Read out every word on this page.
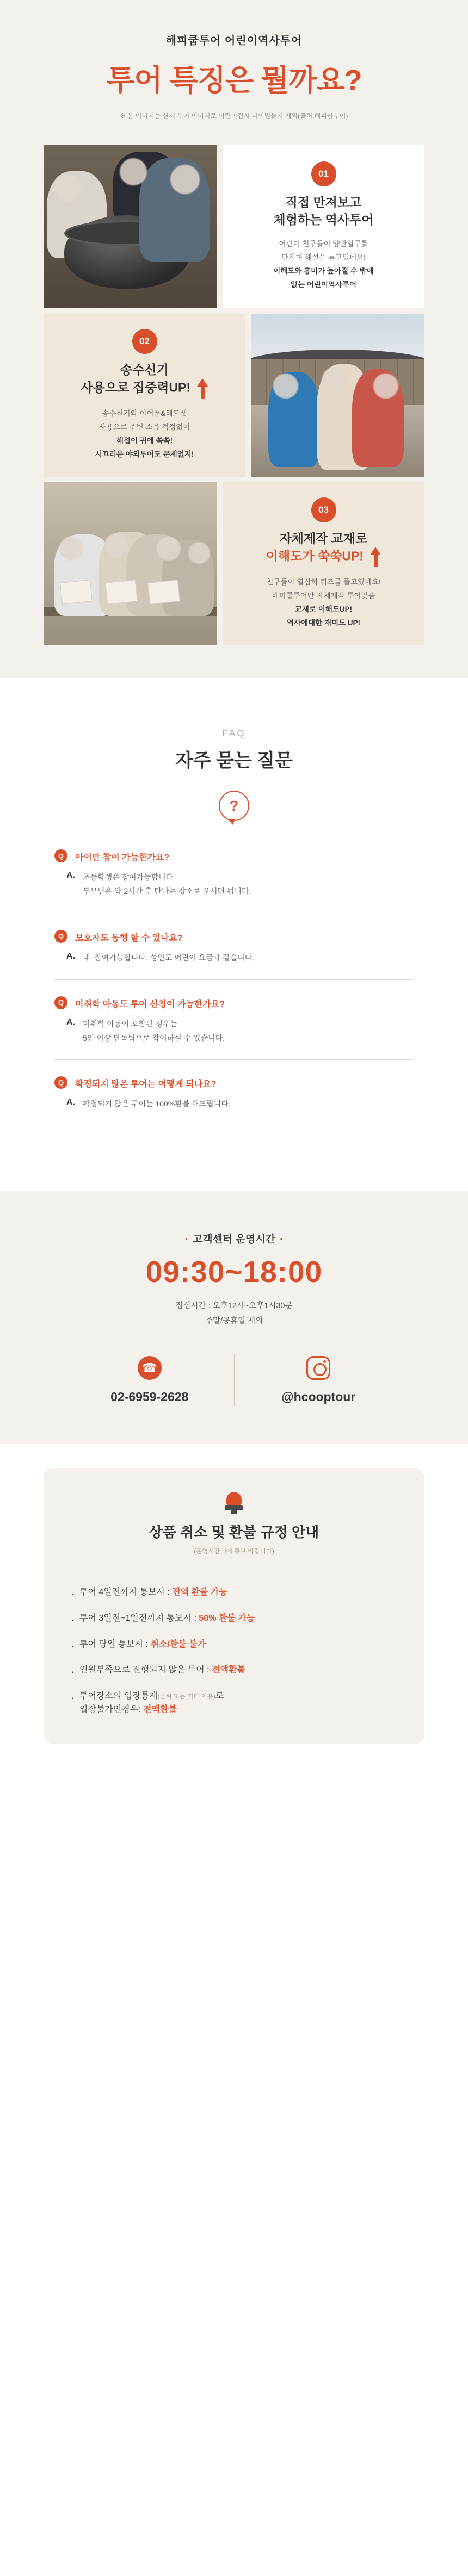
해피쿱투어 어린이역사투어
투어 특징은 뭘까요?
※ 본 이미지는 실제 투어 이미지로 어린이집시 나이별들지 제외(출처:해피쿱투어)
01
직접 만져보고
체험하는 역사투어
어린이 친구들이 양반일구를
만지며 해설을 듣고있네요!
이해도와 흥미가 높아질 수 밖에
없는 어린이역사투어
02
송수신기
사용으로 집중력UP!
송수신기와 이어폰&헤드셋
사용으로 주변 소음 걱정없이
해설이 귀에 쏙쏙!
시끄러운 야외투어도 문제없지!
03
자체제작 교재로
이해도가 쑥쑥UP!
친구들이 열심히 퀴즈를 풀고있네요!
해피쿱투어만 자체제작 투어맞춤
교재로 이해도UP!
역사에대한 재미도 UP!
FAQ
자주 묻는 질문
?
Q	아이만 참여 가능한가요?
A. 초등학생은 참여가능합니다
부모님은 약 2시간 후 만나는 장소로 오시면 됩니다.
Q	보호자도 동행 할 수 있나요?
A. 네, 참여가능합니다. 성인도 어린이 요금과 같습니다.
Q	미취학 아동도 투어 신청이 가능한가요?
A. 미취학 아동이 포함된 경우는
5인 이상 단독팀으로 참여하실 수 있습니다.
Q	확정되지 않은 투어는 어떻게 되나요?
A. 확정되지 않은 투어는 100%환불 해드립니다.
· 고객센터 운영시간 ·
09:30~18:00
점심시간 : 오후12시~오후1시30분
주말/공휴일 제외
☎
02-6959-2628	@hcooptour
상품 취소 및 환불 규정 안내
(운영시간내에 통보 바랍니다)
· 투어 4일전까지 통보시 : 전액 환불 가능
· 투어 3일전~1일전까지 통보시 : 50% 환불 가능
· 투어 당일 통보시 : 취소/환불 불가
· 인원부족으로 진행되지 않은 투어 : 전액환불
· 투어장소의 입장통제(날씨 또는 기타 이유)로
입장불가인경우: 전액환불
